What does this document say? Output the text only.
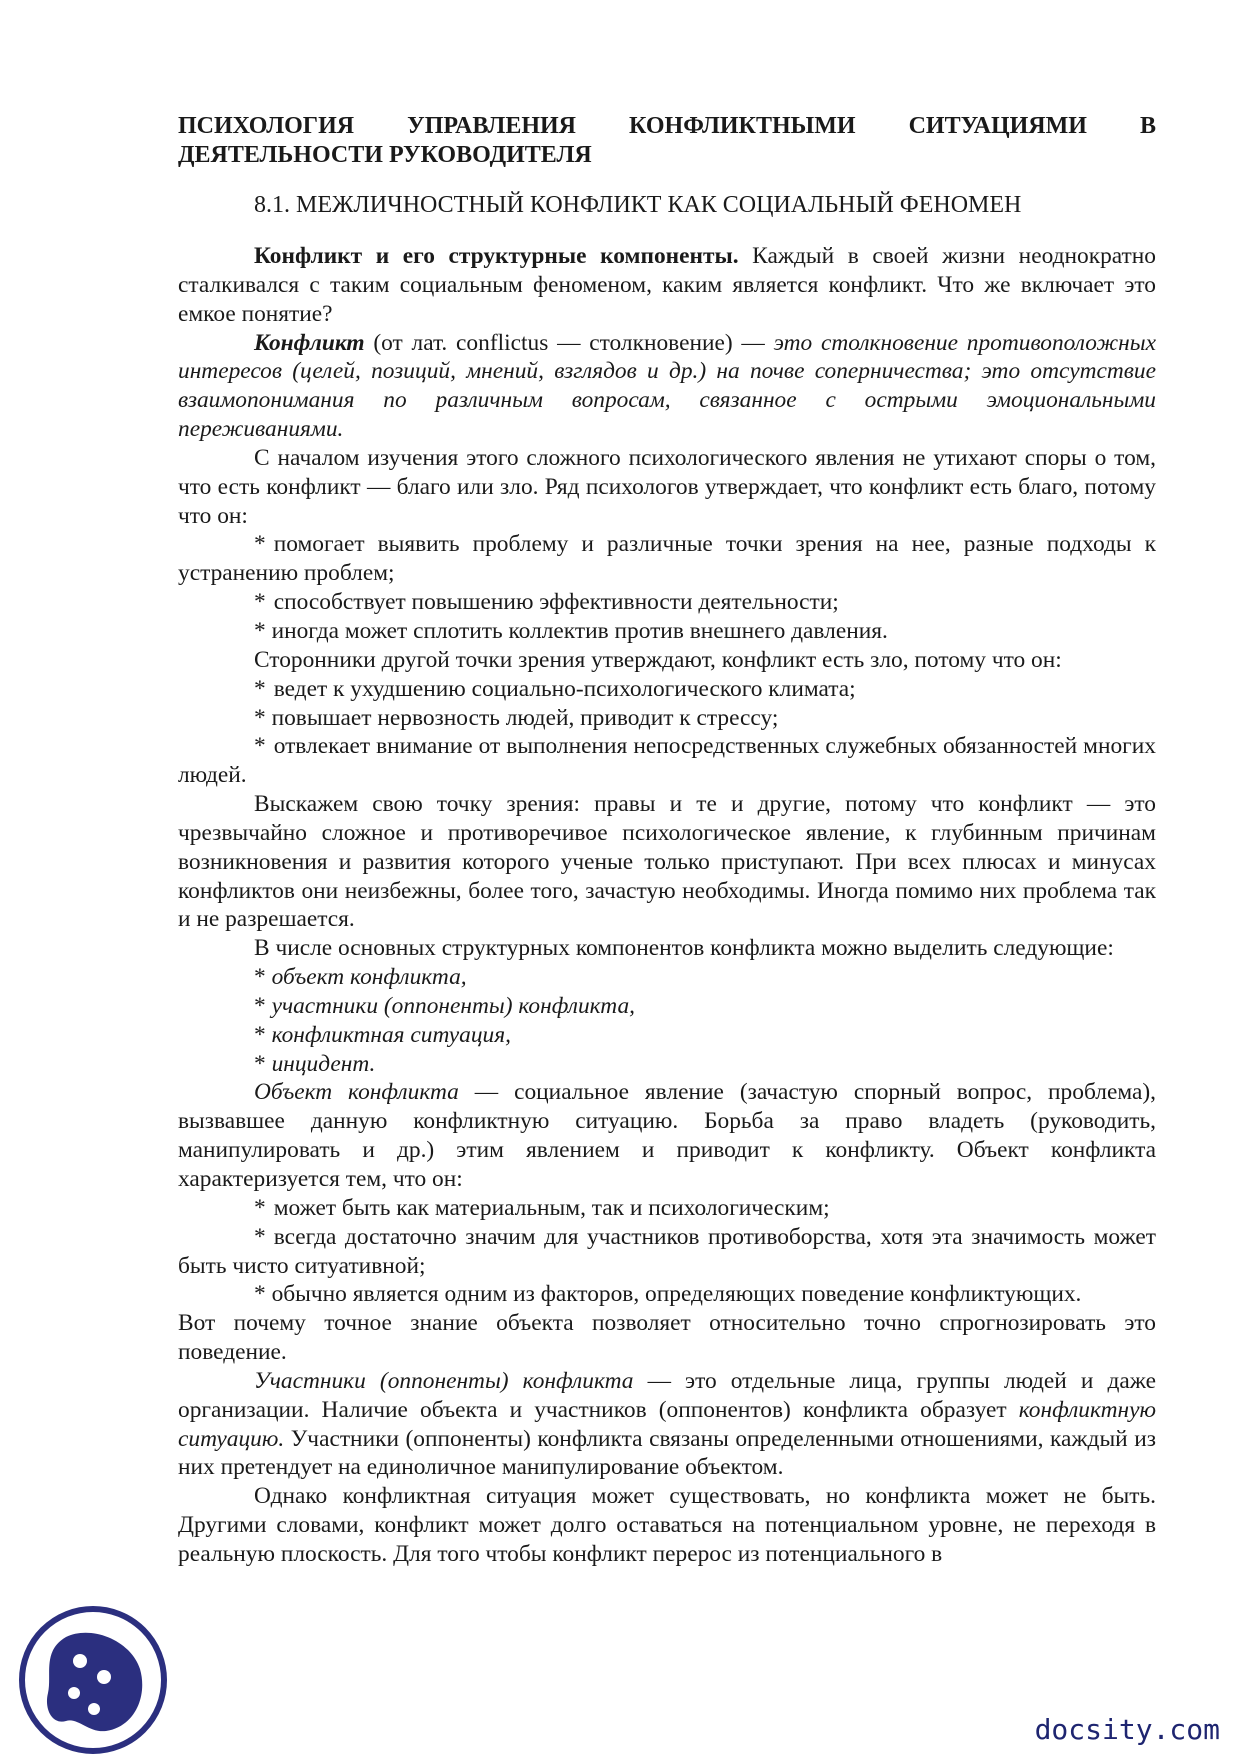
ПСИХОЛОГИЯ УПРАВЛЕНИЯ КОНФЛИКТНЫМИ СИТУАЦИЯМИ В ДЕЯТЕЛЬНОСТИ РУКОВОДИТЕЛЯ

8.1. МЕЖЛИЧНОСТНЫЙ КОНФЛИКТ КАК СОЦИАЛЬНЫЙ ФЕНОМЕН

Конфликт и его структурные компоненты. Каждый в своей жизни неоднократно сталкивался с таким социальным феноменом, каким является конфликт. Что же включает это емкое понятие?

Конфликт (от лат. conflictus — столкновение) — это столкновение противоположных интересов (целей, позиций, мнений, взглядов и др.) на почве соперничества; это отсутствие взаимопонимания по различным вопросам, связанное с острыми эмоциональными переживаниями.

С началом изучения этого сложного психологического явления не утихают споры о том, что есть конфликт — благо или зло. Ряд психологов утверждает, что конфликт есть благо, потому что он:

* помогает выявить проблему и различные точки зрения на нее, разные подходы к устранению проблем;

* способствует повышению эффективности деятельности;

* иногда может сплотить коллектив против внешнего давления.

Сторонники другой точки зрения утверждают, конфликт есть зло, потому что он:

* ведет к ухудшению социально-психологического климата;

* повышает нервозность людей, приводит к стрессу;

* отвлекает внимание от выполнения непосредственных служебных обязанностей многих людей.

Выскажем свою точку зрения: правы и те и другие, потому что конфликт — это чрезвычайно сложное и противоречивое психологическое явление, к глубинным причинам возникновения и развития которого ученые только приступают. При всех плюсах и минусах конфликтов они неизбежны, более того, зачастую необходимы. Иногда помимо них проблема так и не разрешается.

В числе основных структурных компонентов конфликта можно выделить следующие:

* объект конфликта,

* участники (оппоненты) конфликта,

* конфликтная ситуация,

* инцидент.

Объект конфликта — социальное явление (зачастую спорный вопрос, проблема), вызвавшее данную конфликтную ситуацию. Борьба за право владеть (руководить, манипулировать и др.) этим явлением и приводит к конфликту. Объект конфликта характеризуется тем, что он:

* может быть как материальным, так и психологическим;

* всегда достаточно значим для участников противоборства, хотя эта значимость может быть чисто ситуативной;

* обычно является одним из факторов, определяющих поведение конфликтующих.

Вот почему точное знание объекта позволяет относительно точно спрогнозировать это поведение.

Участники (оппоненты) конфликта — это отдельные лица, группы людей и даже организации. Наличие объекта и участников (оппонентов) конфликта образует конфликтную ситуацию. Участники (оппоненты) конфликта связаны определенными отношениями, каждый из них претендует на единоличное манипулирование объектом.

Однако конфликтная ситуация может существовать, но конфликта может не быть. Другими словами, конфликт может долго оставаться на потенциальном уровне, не переходя в реальную плоскость. Для того чтобы конфликт перерос из потенциального в

docsity.com
